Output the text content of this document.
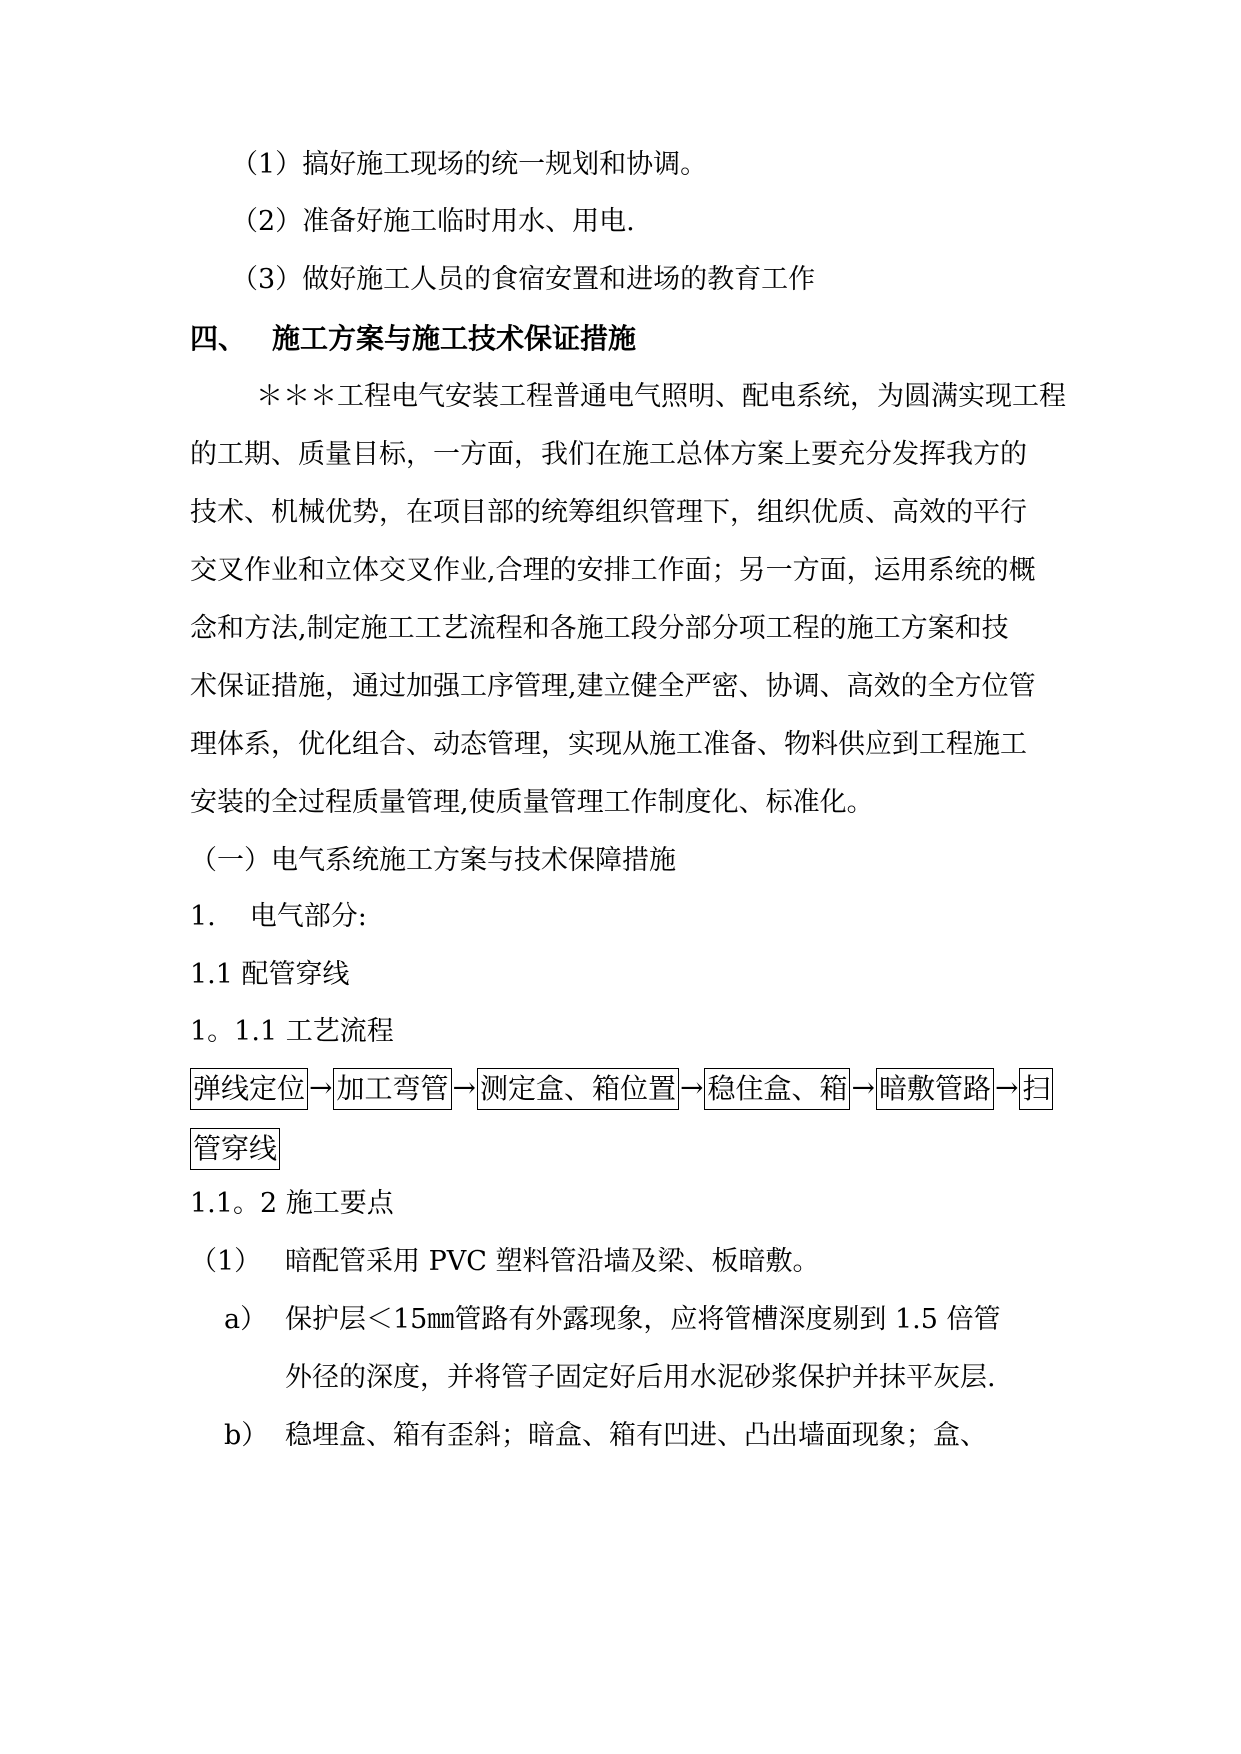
（1）搞好施工现场的统一规划和协调。
（2）准备好施工临时用水、用电.
（3）做好施工人员的食宿安置和进场的教育工作
四、 施工方案与施工技术保证措施
＊＊＊工程电气安装工程普通电气照明、配电系统，为圆满实现工程
的工期、质量目标，一方面，我们在施工总体方案上要充分发挥我方的
技术、机械优势，在项目部的统筹组织管理下，组织优质、高效的平行
交叉作业和立体交叉作业,合理的安排工作面；另一方面，运用系统的概
念和方法,制定施工工艺流程和各施工段分部分项工程的施工方案和技
术保证措施，通过加强工序管理,建立健全严密、协调、高效的全方位管
理体系，优化组合、动态管理，实现从施工准备、物料供应到工程施工
安装的全过程质量管理,使质量管理工作制度化、标准化。
（一）电气系统施工方案与技术保障措施
1. 电气部分:
1.1 配管穿线
1。1.1 工艺流程
弹线定位 → 加工弯管 → 测定盒、箱位置 → 稳住盒、箱 → 暗敷管路 → 扫
管穿线
1.1。2 施工要点
（1） 暗配管采用 PVC 塑料管沿墙及梁、板暗敷。
a） 保护层＜15㎜管路有外露现象，应将管槽深度剔到 1.5 倍管
外径的深度，并将管子固定好后用水泥砂浆保护并抹平灰层.
b） 稳埋盒、箱有歪斜；暗盒、箱有凹进、凸出墙面现象；盒、
